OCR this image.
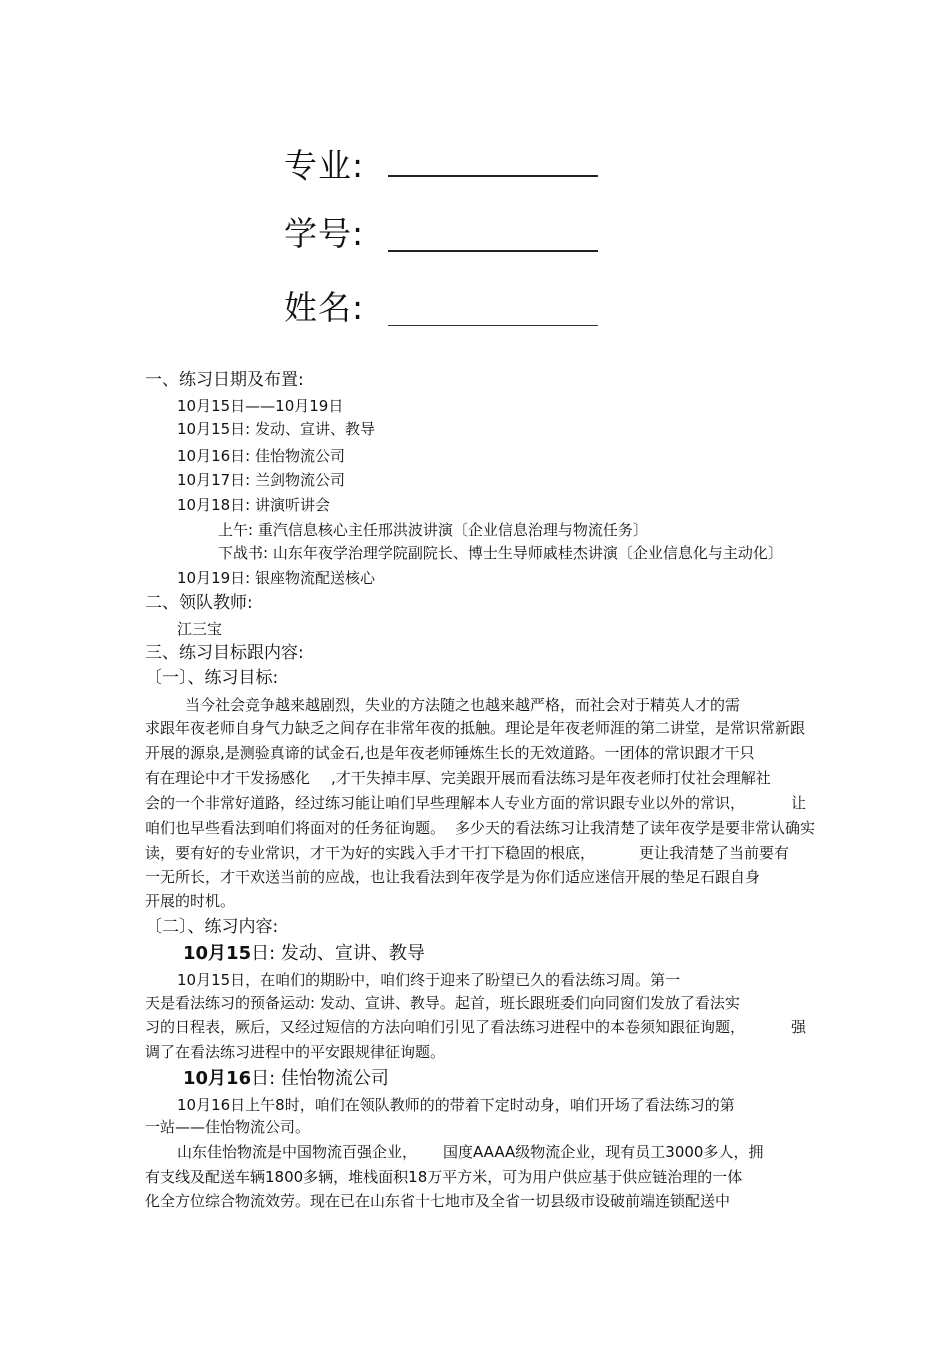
专业:
学号:
姓名:
一、练习日期及布置:
10月15日——10月19日
10月15日: 发动、宣讲、教导
10月16日: 佳怡物流公司
10月17日: 兰剑物流公司
10月18日: 讲演听讲会
上午: 重汽信息核心主任邢洪波讲演〔企业信息治理与物流任务〕
下战书: 山东年夜学治理学院副院长、博士生导师戚桂杰讲演〔企业信息化与主动化〕
10月19日: 银座物流配送核心
二、领队教师:
江三宝
三、练习目标跟内容:
〔一〕、练习目标:
当今社会竞争越来越剧烈，失业的方法随之也越来越严格，而社会对于精英人才的需
求跟年夜老师自身气力缺乏之间存在非常年夜的抵触。理论是年夜老师涯的第二讲堂，是常识常新跟
开展的源泉,是测验真谛的试金石,也是年夜老师锤炼生长的无效道路。一团体的常识跟才干只
有在理论中才干发扬感化 ,才干失掉丰厚、完美跟开展而看法练习是年夜老师打仗社会理解社
会的一个非常好道路，经过练习能让咱们早些理解本人专业方面的常识跟专业以外的常识，	让
咱们也早些看法到咱们将面对的任务征询题。 多少天的看法练习让我清楚了读年夜学是要非常认确实
读，要有好的专业常识，才干为好的实践入手才干打下稳固的根底，	更让我清楚了当前要有
一无所长，才干欢送当前的应战，也让我看法到年夜学是为你们适应迷信开展的垫足石跟自身
开展的时机。
〔二〕、练习内容:
10月15日: 发动、宣讲、教导
10月15日，在咱们的期盼中，咱们终于迎来了盼望已久的看法练习周。第一
天是看法练习的预备运动: 发动、宣讲、教导。起首，班长跟班委们向同窗们发放了看法实
习的日程表，厥后，又经过短信的方法向咱们引见了看法练习进程中的本卷须知跟征询题，	强
调了在看法练习进程中的平安跟规律征询题。
10月16日: 佳怡物流公司
10月16日上午8时，咱们在领队教师的的带着下定时动身，咱们开场了看法练习的第
一站——佳怡物流公司。
山东佳怡物流是中国物流百强企业， 国度AAAA级物流企业，现有员工3000多人，拥
有支线及配送车辆1800多辆，堆栈面积18万平方米，可为用户供应基于供应链治理的一体
化全方位综合物流效劳。现在已在山东省十七地市及全省一切县级市设破前端连锁配送中
